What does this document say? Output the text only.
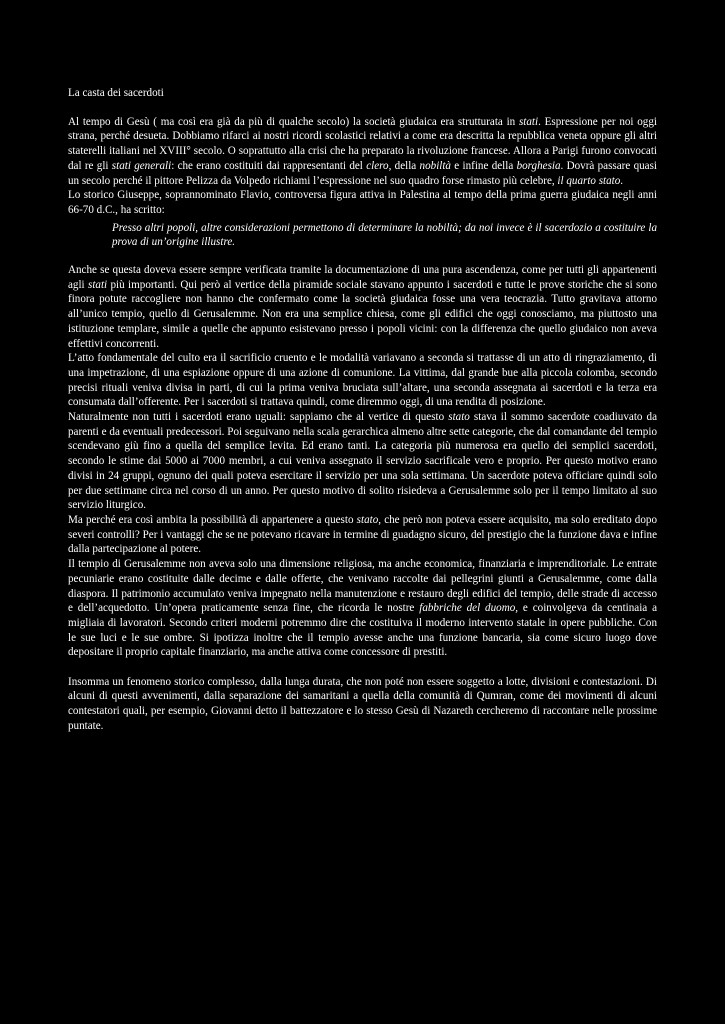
La casta dei sacerdoti

Al tempo di Gesù ( ma così era già da più di qualche secolo) la società giudaica era strutturata in stati. Espressione per noi oggi strana, perché desueta. Dobbiamo rifarci ai nostri ricordi scolastici relativi a come era descritta la repubblica veneta oppure gli altri staterelli italiani nel XVIII° secolo. O soprattutto alla crisi che ha preparato la rivoluzione francese. Allora a Parigi furono convocati dal re gli stati generali: che erano costituiti dai rappresentanti del clero, della nobiltà e infine della borghesia. Dovrà passare quasi un secolo perché il pittore Pelizza da Volpedo richiami l’espressione nel suo quadro forse rimasto più celebre, il quarto stato.

Lo storico Giuseppe, soprannominato Flavio, controversa figura attiva in Palestina al tempo della prima guerra giudaica negli anni 66-70 d.C., ha scritto:

Presso altri popoli, altre considerazioni permettono di determinare la nobiltà; da noi invece è il sacerdozio a costituire la prova di un’origine illustre.

Anche se questa doveva essere sempre verificata tramite la documentazione di una pura ascendenza, come per tutti gli appartenenti agli stati più importanti. Qui però al vertice della piramide sociale stavano appunto i sacerdoti e tutte le prove storiche che si sono finora potute raccogliere non hanno che confermato come la società giudaica fosse una vera teocrazia. Tutto gravitava attorno all’unico tempio, quello di Gerusalemme. Non era una semplice chiesa, come gli edifici che oggi conosciamo, ma piuttosto una istituzione templare, simile a quelle che appunto esistevano presso i popoli vicini: con la differenza che quello giudaico non aveva effettivi concorrenti.

L’atto fondamentale del culto era il sacrificio cruento e le modalità variavano a seconda si trattasse di un atto di ringraziamento, di una impetrazione, di una espiazione oppure di una azione di comunione. La vittima, dal grande bue alla piccola colomba, secondo precisi rituali veniva divisa in parti, di cui la prima veniva bruciata sull’altare, una seconda assegnata ai sacerdoti e la terza era consumata dall’offerente. Per i sacerdoti si trattava quindi, come diremmo oggi, di una rendita di posizione.

Naturalmente non tutti i sacerdoti erano uguali: sappiamo che al vertice di questo stato stava il sommo sacerdote coadiuvato da parenti e da eventuali predecessori. Poi seguivano nella scala gerarchica almeno altre sette categorie, che dal comandante del tempio scendevano giù fino a quella del semplice levita. Ed erano tanti. La categoria più numerosa era quello dei semplici sacerdoti, secondo le stime dai 5000 ai 7000 membri, a cui veniva assegnato il servizio sacrificale vero e proprio. Per questo motivo erano divisi in 24 gruppi, ognuno dei quali poteva esercitare il servizio per una sola settimana. Un sacerdote poteva officiare quindi solo per due settimane circa nel corso di un anno. Per questo motivo di solito risiedeva a Gerusalemme solo per il tempo limitato al suo servizio liturgico.

Ma perché era così ambita la possibilità di appartenere a questo stato, che però non poteva essere acquisito, ma solo ereditato dopo severi controlli? Per i vantaggi che se ne potevano ricavare in termine di guadagno sicuro, del prestigio che la funzione dava e infine dalla partecipazione al potere.

Il tempio di Gerusalemme non aveva solo una dimensione religiosa, ma anche economica, finanziaria e imprenditoriale. Le entrate pecuniarie erano costituite dalle decime e dalle offerte, che venivano raccolte dai pellegrini giunti a Gerusalemme, come dalla diaspora. Il patrimonio accumulato veniva impegnato nella manutenzione e restauro degli edifici del tempio, delle strade di accesso e dell’acquedotto. Un’opera praticamente senza fine, che ricorda le nostre fabbriche del duomo, e coinvolgeva da centinaia a migliaia di lavoratori. Secondo criteri moderni potremmo dire che costituiva il moderno intervento statale in opere pubbliche. Con le sue luci e le sue ombre. Si ipotizza inoltre che il tempio avesse anche una funzione bancaria, sia come sicuro luogo dove depositare il proprio capitale finanziario, ma anche attiva come concessore di prestiti.

Insomma un fenomeno storico complesso, dalla lunga durata, che non poté non essere soggetto a lotte, divisioni e contestazioni. Di alcuni di questi avvenimenti, dalla separazione dei samaritani a quella della comunità di Qumran, come dei movimenti di alcuni contestatori quali, per esempio, Giovanni detto il battezzatore e lo stesso Gesù di Nazareth cercheremo di raccontare nelle prossime puntate.
